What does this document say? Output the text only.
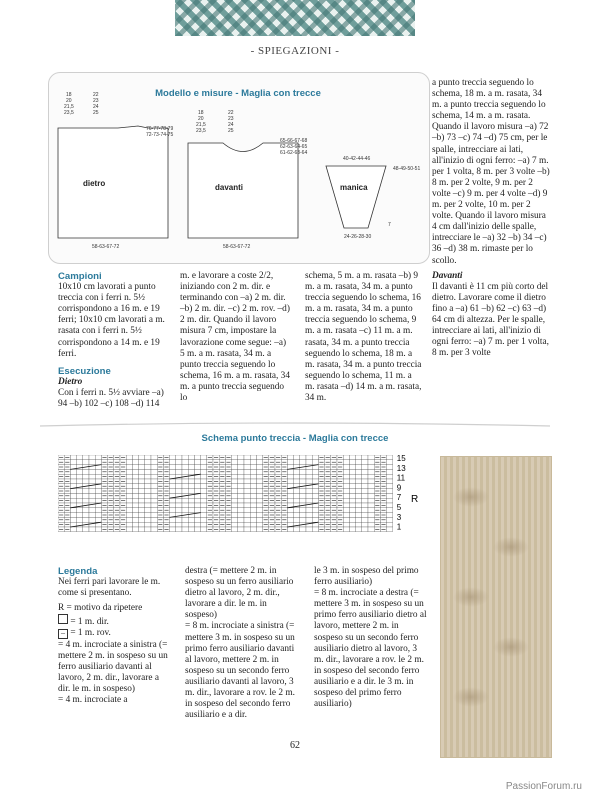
- SPIEGAZIONI -
Modello e misure - Maglia con trecce
dietro
18
20
21,5
23,5
22
23
24
25
76-77-78-79
72-73-74-75
58-63-67-72
davanti
18
20
21,5
23,5
22
23
24
25
65-66-67-68
62-63-64-65
61-62-63-64
58-63-67-72
manica
40-42-44-46
48-49-50-51
7
24-26-28-30
Campioni

10x10 cm lavorati a punto treccia con i ferri n. 5½ corrispondono a 16 m. e 19 ferri; 10x10 cm lavorati a m. rasata con i ferri n. 5½ corrispondono a 14 m. e 19 ferri.

Esecuzione
Dietro

Con i ferri n. 5½ avviare –a) 94 –b) 102 –c) 108 –d) 114

m. e lavorare a coste 2/2, iniziando con 2 m. dir. e terminando con –a) 2 m. dir. –b) 2 m. dir. –c) 2 m. rov. –d) 2 m. dir. Quando il lavoro misura 7 cm, impostare la lavorazione come segue: –a) 5 m. a m. rasata, 34 m. a punto treccia seguendo lo schema, 16 m. a m. rasata, 34 m. a punto treccia seguendo lo

schema, 5 m. a m. rasata –b) 9 m. a m. rasata, 34 m. a punto treccia seguendo lo schema, 16 m. a m. rasata, 34 m. a punto treccia seguendo lo schema, 9 m. a m. rasata –c) 11 m. a m. rasata, 34 m. a punto treccia seguendo lo schema, 18 m. a m. rasata, 34 m. a punto treccia seguendo lo schema, 11 m. a m. rasata –d) 14 m. a m. rasata, 34 m.

a punto treccia seguendo lo schema, 18 m. a m. rasata, 34 m. a punto treccia seguendo lo schema, 14 m. a m. rasata. Quando il lavoro misura –a) 72 –b) 73 –c) 74 –d) 75 cm, per le spalle, intrecciare ai lati, all'inizio di ogni ferro: –a) 7 m. per 1 volta, 8 m. per 3 volte –b) 8 m. per 2 volte, 9 m. per 2 volte –c) 9 m. per 4 volte –d) 9 m. per 2 volte, 10 m. per 2 volte. Quando il lavoro misura 4 cm dall'inizio delle spalle, intrecciare le –a) 32 –b) 34 –c) 36 –d) 38 m. rimaste per lo scollo.

Davanti

Il davanti è 11 cm più corto del dietro. Lavorare come il dietro fino a –a) 61 –b) 62 –c) 63 –d) 64 cm di altezza. Per le spalle, intrecciare ai lati, all'inizio di ogni ferro: –a) 7 m. per 1 volta, 8 m. per 3 volte

Schema punto treccia - Maglia con trecce
15
13
11
9
7
5
3
1
R
Legenda

Nei ferri pari lavorare le m. come si presentano.

R = motivo da ripetere

= 1 m. dir.

– = 1 m. rov.

= 4 m. incrociate a sinistra (= mettere 2 m. in sospeso su un ferro ausiliario davanti al lavoro, 2 m. dir., lavorare a dir. le m. in sospeso)

= 4 m. incrociate a

destra (= mettere 2 m. in sospeso su un ferro ausiliario dietro al lavoro, 2 m. dir., lavorare a dir. le m. in sospeso)

= 8 m. incrociate a sinistra (= mettere 3 m. in sospeso su un primo ferro ausiliario davanti al lavoro, mettere 2 m. in sospeso su un secondo ferro ausiliario davanti al lavoro, 3 m. dir., lavorare a rov. le 2 m. in sospeso del secondo ferro ausiliario e a dir.

le 3 m. in sospeso del primo ferro ausiliario)

= 8 m. incrociate a destra (= mettere 3 m. in sospeso su un primo ferro ausiliario dietro al lavoro, mettere 2 m. in sospeso su un secondo ferro ausiliario dietro al lavoro, 3 m. dir., lavorare a rov. le 2 m. in sospeso del secondo ferro ausiliario e a dir. le 3 m. in sospeso del primo ferro ausiliario)

62
PassionForum.ru
